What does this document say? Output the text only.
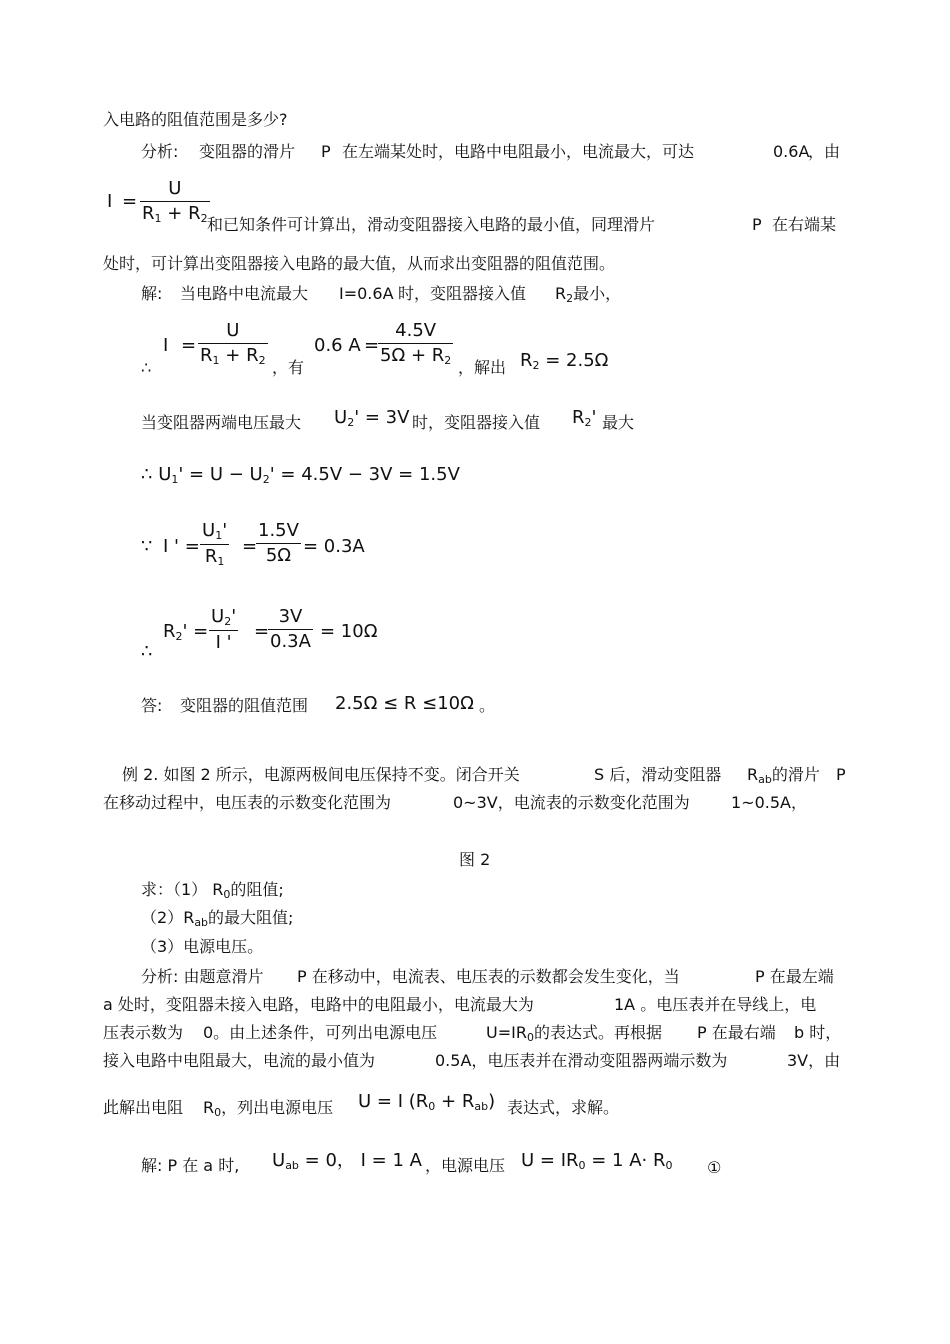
入电路的阻值范围是多少?
分析: 变阻器的滑片 P 在左端某处时，电路中电阻最小，电流最大，可达	0.6A
，由
I =
U
$R_1 + R_2$ 和已知条件可计算出，滑动变阻器接入电路的最小值，同理滑片	P 在右端某
处时，可计算出变阻器接入电路的最大值，从而求出变阻器的阻值范围。
解: 当电路中电流最大 I=0.6A 时，变阻器接入值 $R_2$最小，
∴
I =
U
$R_1 + R_2$ ，有
0.6 A =
4.5V
$5\Omega + R_2$ ，解出 $R_2 = 2.5\Omega$
当变阻器两端电压最大 $U_2' = 3V$ 时，变阻器接入值 $R_2'$ 最大
∴ $U_1' = U - U_2' = 4.5V - 3V = 1.5V$
∵ I ' =
$U_1'$
$R_1$
=
1.5V
5Ω = 0.3A
∴
$R_2'$ =
$U_2'$
I '
=
3V
0.3A = 10Ω
答: 变阻器的阻值范围 2.5Ω ≤ R ≤10Ω 。
例 2. 如图 2 所示，电源两极间电压保持不变。闭合开关	S 后，滑动变阻器 $R_{ab}$的滑片 P
在移动过程中，电压表的示数变化范围为	0~3V，电流表的示数变化范围为	1~0.5A，
图 2
求：（1） $R_0$的阻值;
$(2)R_{ab}$的最大阻值;
（3）电源电压。
分析: 由题意滑片 P 在移动中，电流表、电压表的示数都会发生变化，当	P 在最左端
a 处时，变阻器未接入电路，电路中的电阻最小，电流最大为	1A 。电压表并在导线上，电
压表示数为 0。由上述条件，可列出电源电压	$U=IR_0$的表达式。再根据 P 在最右端 b 时，
接入电路中电阻最大，电流的最小值为	0.5A，电压表并在滑动变阻器两端示数为	3V，由
此解出电阻 $R_0$，列出电源电压 U = I $(R_0 + R_{ab})$ 表达式，求解。
解: P 在 a 时, $U_{ab} = 0$， I = 1 A ，电源电压 $U = IR_0 = 1$ $A\cdot R_0$ ①
